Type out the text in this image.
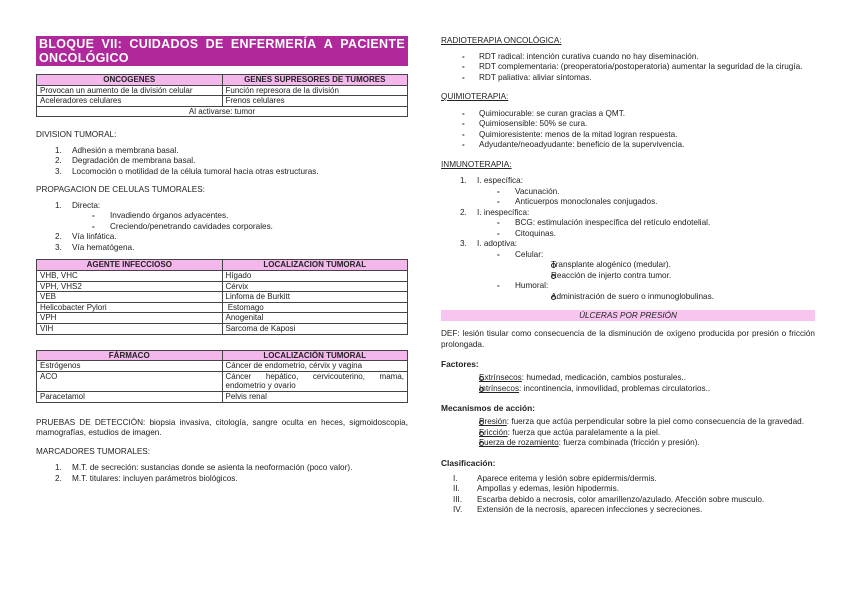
BLOQUE VII: CUIDADOS DE ENFERMERÍA A PACIENTE
ONCOLÓGICO
ONCOGENES	GENES SUPRESORES DE TUMORES
Provocan un aumento de la división celular	Función represora de la división
Aceleradores celulares	Frenos celulares
Al activarse: tumor	
DIVISION TUMORAL:
1. Adhesión a membrana basal.
2. Degradación de membrana basal.
3. Locomoción o motilidad de la célula tumoral hacia otras estructuras.
PROPAGACION DE CELULAS TUMORALES:
1. Directa:
- Invadiendo órganos adyacentes.
- Creciendo/penetrando cavidades corporales.
2. Vía linfática.
3. Vía hematógena.
AGENTE INFECCIOSO	LOCALIZACION TUMORAL
VHB, VHC	Hígado
VPH, VHS2	Cérvix
VEB	Linfoma de Burkitt
Helicobacter Pylori	Estomago
VPH	Anogenital
VIH	Sarcoma de Kaposi
FÁRMACO	LOCALIZACIÓN TUMORAL
Estrógenos	Cáncer de endometrio, cérvix y vagina
ACO	Cáncer hepático, cervicouterino, mama, endometrio y ovario
Paracetamol	Pelvis renal
PRUEBAS DE DETECCIÓN: biopsia invasiva, citología, sangre oculta en heces, sigmoidoscopia, mamografías, estudios de imagen.
MARCADORES TUMORALES:
1. M.T. de secreción: sustancias donde se asienta la neoformación (poco valor).
2. M.T. titulares: incluyen parámetros biológicos.
RADIOTERAPIA ONCOLÓGICA:
- RDT radical: intención curativa cuando no hay diseminación.
- RDT complementaria: (preoperatoria/postoperatoria) aumentar la seguridad de la cirugía.
- RDT paliativa: aliviar síntomas.
QUIMIOTERAPIA:
- Quimiocurable: se curan gracias a QMT.
- Quimiosensible: 50% se cura.
- Quimioresistente: menos de la mitad logran respuesta.
- Adyudante/neoadyudante: beneficio de la supervivencia.
INMUNOTERAPIA:
1. I. específica:
- Vacunación.
- Anticuerpos monoclonales conjugados.
2. I. inespecífica:
- BCG: estimulación inespecífica del retículo endotelial.
- Citoquinas.
3. I. adoptiva:
- Celular:
Transplante alogénico (medular).
Reacción de injerto contra tumor.
- Humoral:
Administración de suero o inmunoglobulinas.
ÚLCERAS POR PRESIÓN
DEF: lesión tisular como consecuencia de la disminución de oxígeno producida por presión o fricción prolongada.
Factores:
Extrínsecos: humedad, medicación, cambios posturales..
Intrínsecos: incontinencia, inmovilidad, problemas circulatorios..
Mecanismos de acción:
Presión: fuerza que actúa perpendicular sobre la piel como consecuencia de la gravedad.
Fricción: fuerza que actúa paralelamente a la piel.
Fuerza de rozamiento: fuerza combinada (fricción y presión).
Clasificación:
I. Aparece eritema y lesión sobre epidermis/dermis.
II. Ampollas y edemas, lesión hipodermis.
III. Escarba debido a necrosis, color amarillenzo/azulado. Afección sobre musculo.
IV. Extensión de la necrosis, aparecen infecciones y secreciones.
